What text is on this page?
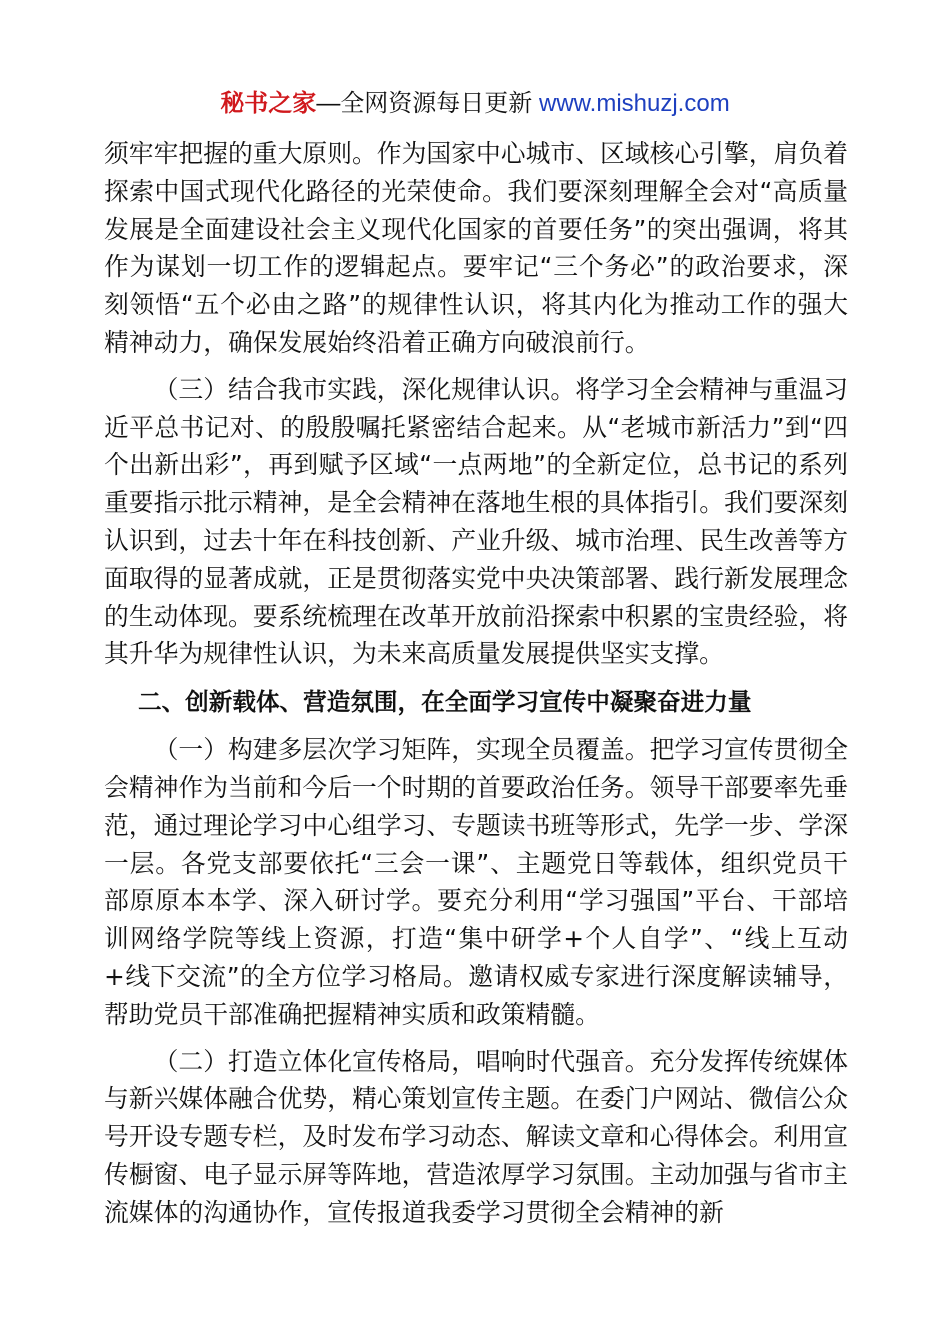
秘书之家—全网资源每日更新 www.mishuzj.com

须牢牢把握的重大原则。作为国家中心城市、区域核心引擎，肩负着探索中国式现代化路径的光荣使命。我们要深刻理解全会对“高质量发展是全面建设社会主义现代化国家的首要任务”的突出强调，将其作为谋划一切工作的逻辑起点。要牢记“三个务必”的政治要求，深刻领悟“五个必由之路”的规律性认识，将其内化为推动工作的强大精神动力，确保发展始终沿着正确方向破浪前行。

（三）结合我市实践，深化规律认识。将学习全会精神与重温习近平总书记对、的殷殷嘱托紧密结合起来。从“老城市新活力”到“四个出新出彩”，再到赋予区域“一点两地”的全新定位，总书记的系列重要指示批示精神，是全会精神在落地生根的具体指引。我们要深刻认识到，过去十年在科技创新、产业升级、城市治理、民生改善等方面取得的显著成就，正是贯彻落实党中央决策部署、践行新发展理念的生动体现。要系统梳理在改革开放前沿探索中积累的宝贵经验，将其升华为规律性认识，为未来高质量发展提供坚实支撑。

二、创新载体、营造氛围，在全面学习宣传中凝聚奋进力量

（一）构建多层次学习矩阵，实现全员覆盖。把学习宣传贯彻全会精神作为当前和今后一个时期的首要政治任务。领导干部要率先垂范，通过理论学习中心组学习、专题读书班等形式，先学一步、学深一层。各党支部要依托“三会一课”、主题党日等载体，组织党员干部原原本本学、深入研讨学。要充分利用“学习强国”平台、干部培训网络学院等线上资源，打造“集中研学+个人自学”、“线上互动+线下交流”的全方位学习格局。邀请权威专家进行深度解读辅导，帮助党员干部准确把握精神实质和政策精髓。

（二）打造立体化宣传格局，唱响时代强音。充分发挥传统媒体与新兴媒体融合优势，精心策划宣传主题。在委门户网站、微信公众号开设专题专栏，及时发布学习动态、解读文章和心得体会。利用宣传橱窗、电子显示屏等阵地，营造浓厚学习氛围。主动加强与省市主流媒体的沟通协作，宣传报道我委学习贯彻全会精神的新
